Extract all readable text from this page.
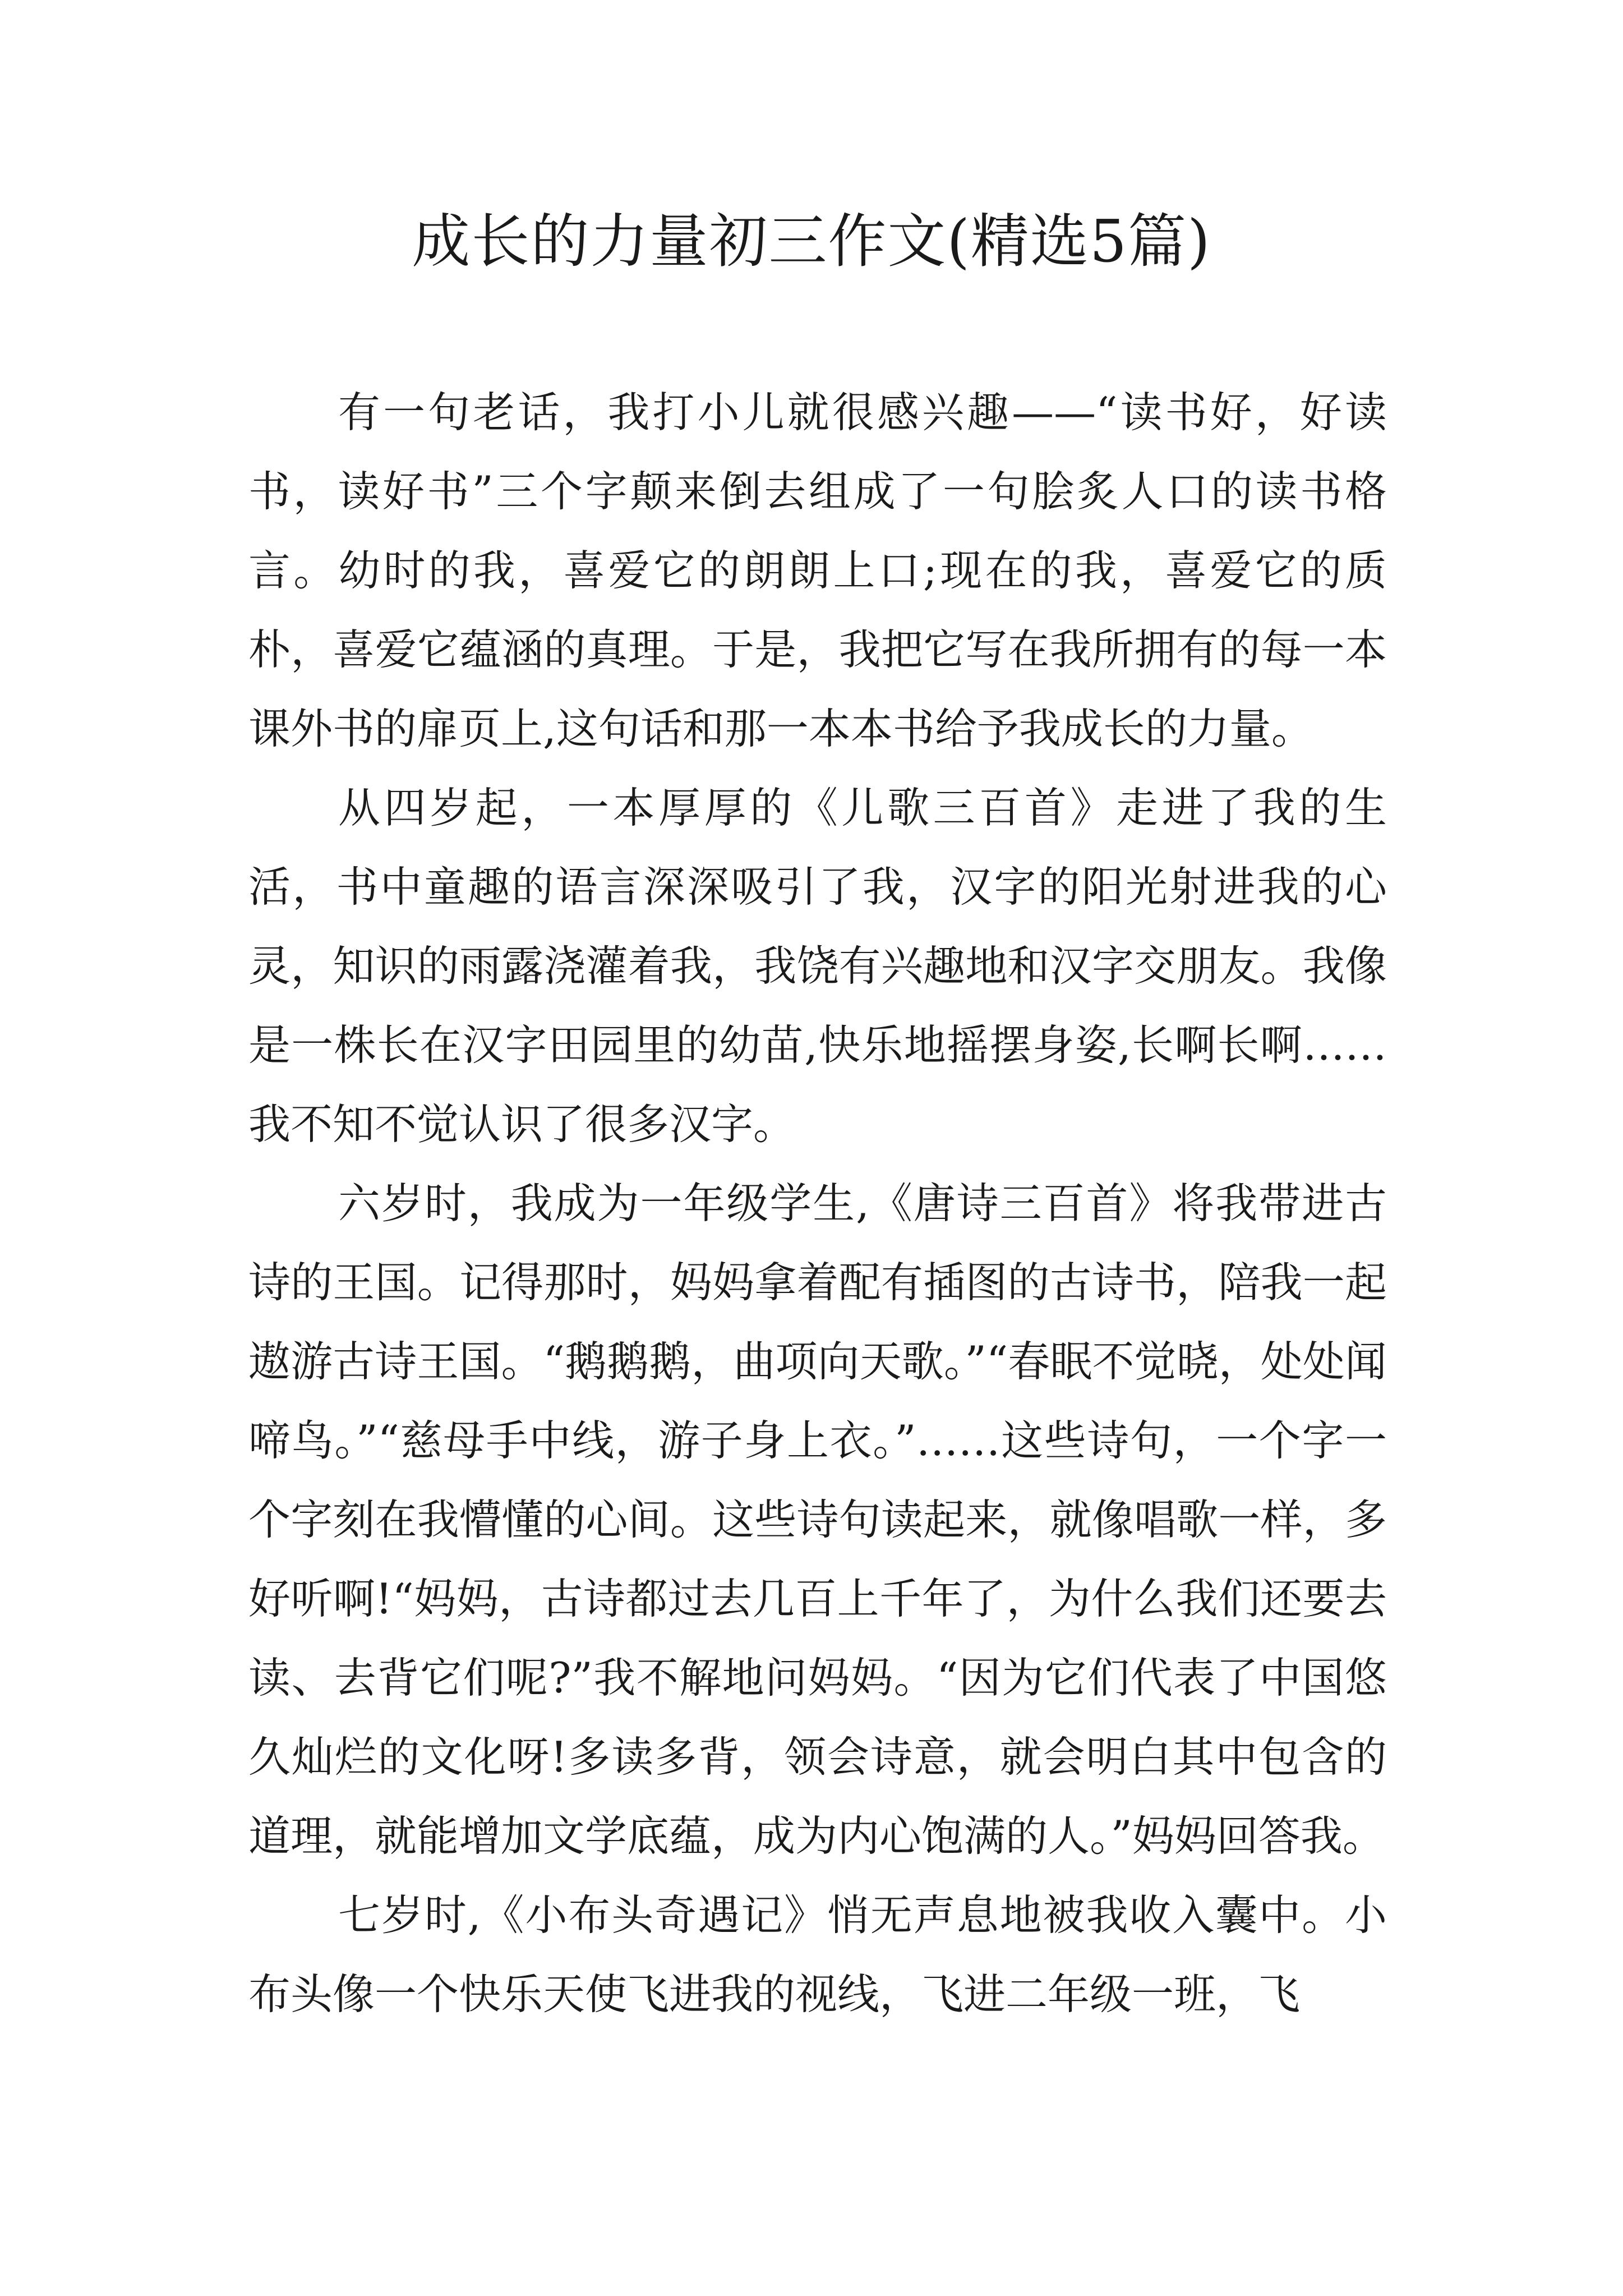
成长的力量初三作文(精选5篇)

有一句老话，我打小儿就很感兴趣——“读书好，好读书，读好书”三个字颠来倒去组成了一句脍炙人口的读书格言。幼时的我，喜爱它的朗朗上口;现在的我，喜爱它的质朴，喜爱它蕴涵的真理。于是，我把它写在我所拥有的每一本课外书的扉页上,这句话和那一本本书给予我成长的力量。

从四岁起，一本厚厚的《儿歌三百首》走进了我的生活，书中童趣的语言深深吸引了我，汉字的阳光射进我的心灵，知识的雨露浇灌着我，我饶有兴趣地和汉字交朋友。我像是一株长在汉字田园里的幼苗,快乐地摇摆身姿,长啊长啊……我不知不觉认识了很多汉字。

六岁时，我成为一年级学生,《唐诗三百首》将我带进古诗的王国。记得那时，妈妈拿着配有插图的古诗书，陪我一起遨游古诗王国。“鹅鹅鹅，曲项向天歌。”“春眠不觉晓，处处闻啼鸟。”“慈母手中线，游子身上衣。”……这些诗句，一个字一个字刻在我懵懂的心间。这些诗句读起来，就像唱歌一样，多好听啊!“妈妈，古诗都过去几百上千年了，为什么我们还要去读、去背它们呢?”我不解地问妈妈。“因为它们代表了中国悠久灿烂的文化呀!多读多背，领会诗意，就会明白其中包含的道理，就能增加文学底蕴，成为内心饱满的人。”妈妈回答我。

七岁时,《小布头奇遇记》悄无声息地被我收入囊中。小布头像一个快乐天使飞进我的视线，飞进二年级一班，飞
